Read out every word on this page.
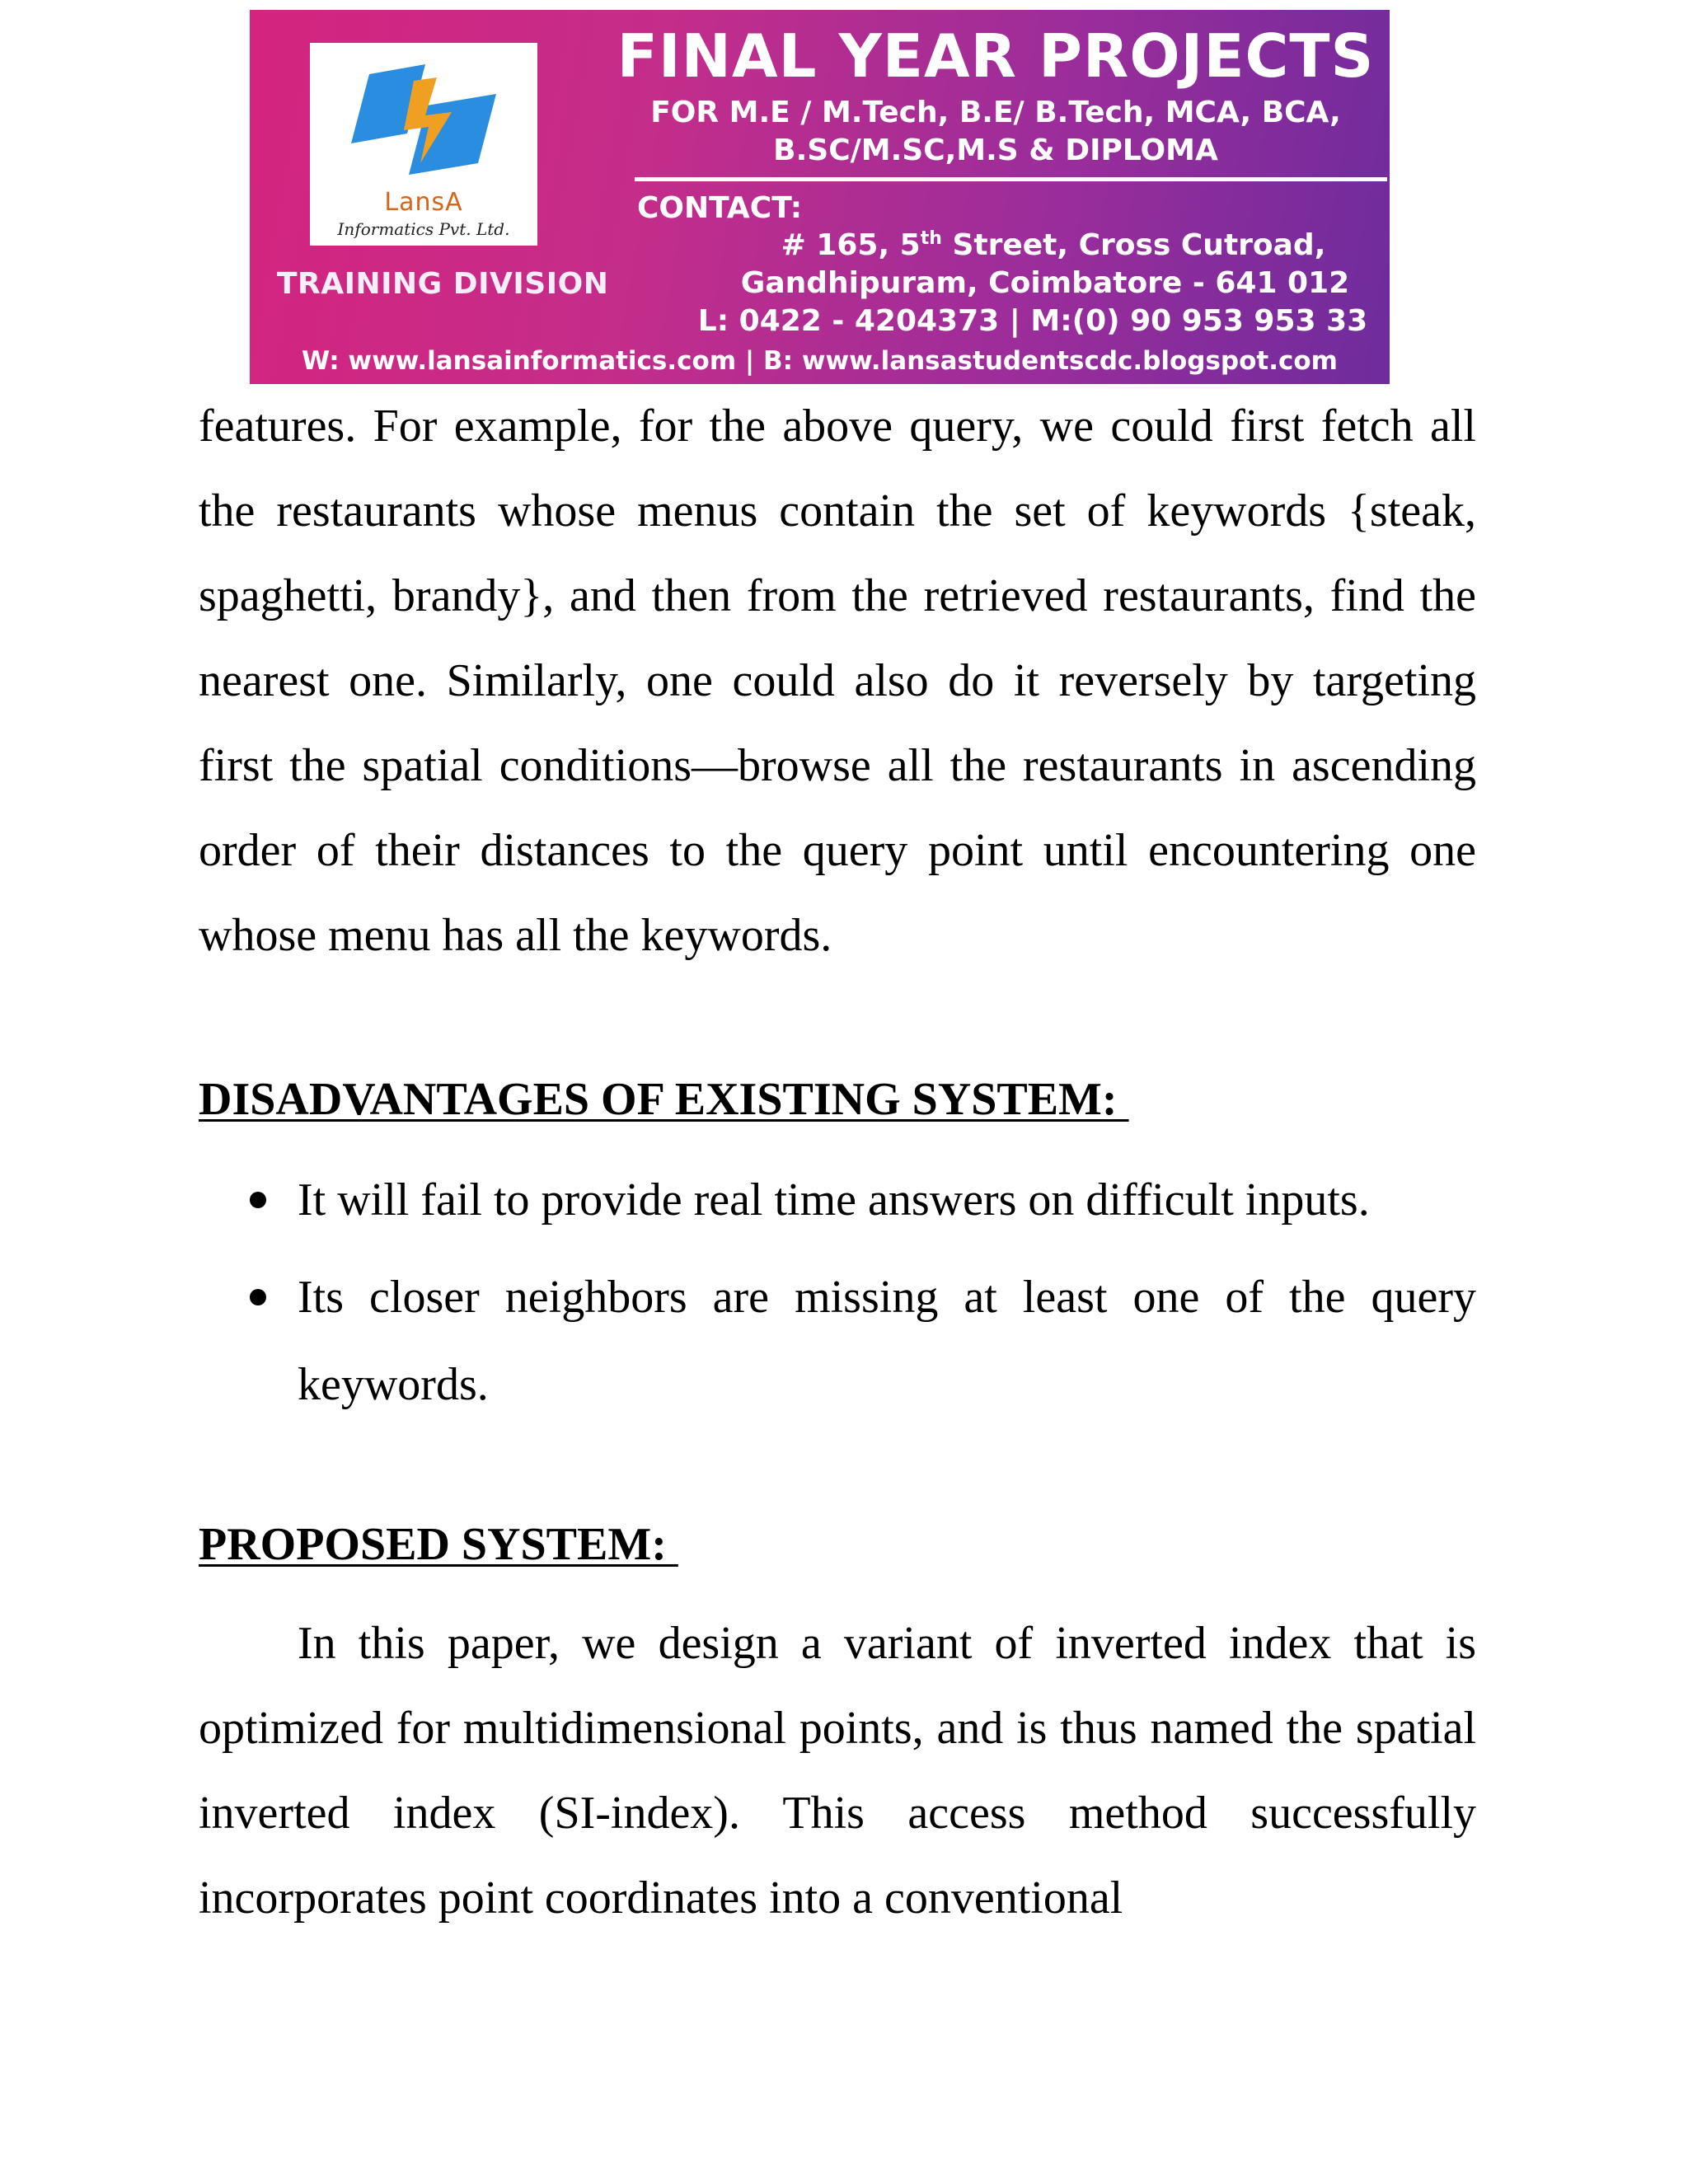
LansA
Informatics Pvt. Ltd.
TRAINING DIVISION
FINAL YEAR PROJECTS
FOR M.E / M.Tech, B.E/ B.Tech, MCA, BCA,
B.SC/M.SC,M.S & DIPLOMA
CONTACT:
# 165, 5th Street, Cross Cutroad,
Gandhipuram, Coimbatore - 641 012
L: 0422 - 4204373 | M:(0) 90 953 953 33
W: www.lansainformatics.com | B: www.lansastudentscdc.blogspot.com
features. For example, for the above query, we could first fetch all the restaurants whose menus contain the set of keywords {steak, spaghetti, brandy}, and then from the retrieved restaurants, find the nearest one. Similarly, one could also do it reversely by targeting first the spatial conditions—browse all the restaurants in ascending order of their distances to the query point until encountering one whose menu has all the keywords.
DISADVANTAGES OF EXISTING SYSTEM:
It will fail to provide real time answers on difficult inputs.
Its closer neighbors are missing at least one of the query keywords.
PROPOSED SYSTEM:
In this paper, we design a variant of inverted index that is optimized for multidimensional points, and is thus named the spatial inverted index (SI-index). This access method successfully incorporates point coordinates into a conventional
